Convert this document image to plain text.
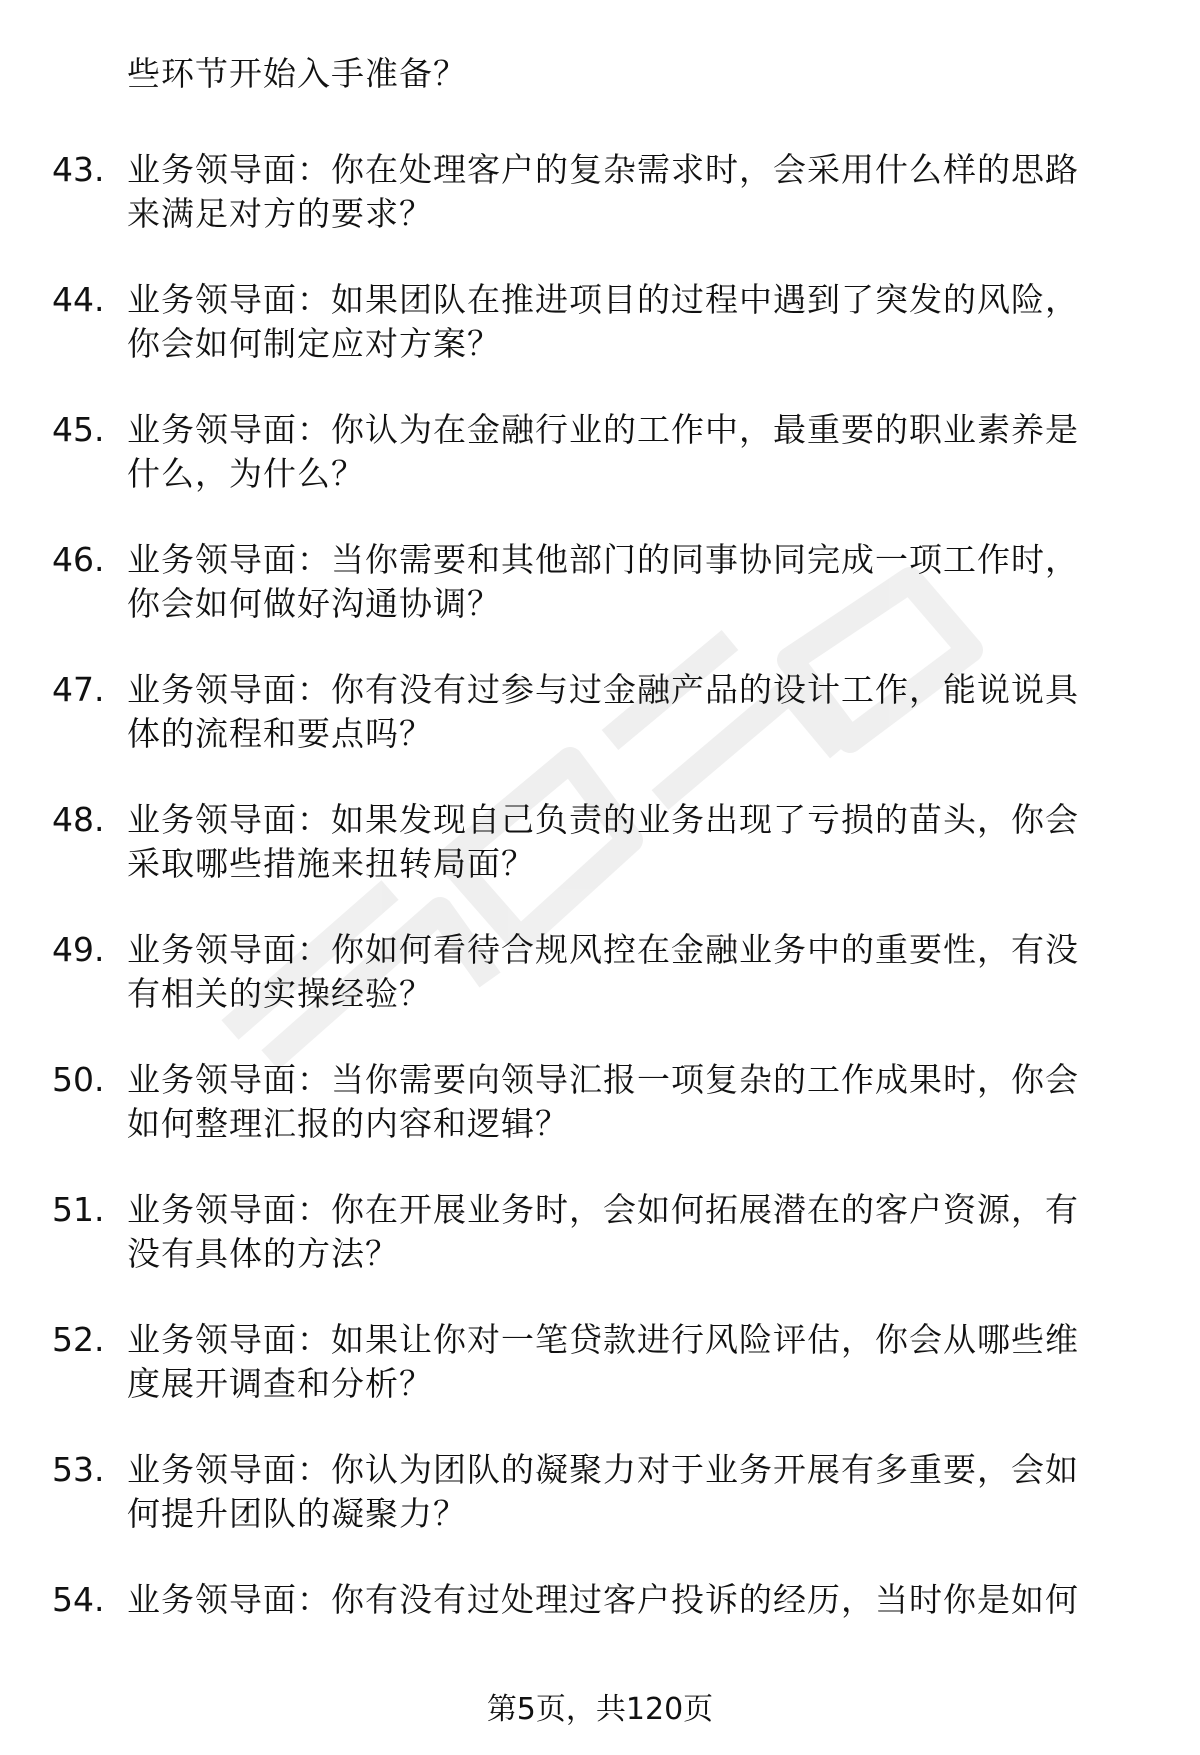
些环节开始入手准备？
43. 业务领导面：你在处理客户的复杂需求时，会采用什么样的思路
来满足对方的要求？
44. 业务领导面：如果团队在推进项目的过程中遇到了突发的风险，
你会如何制定应对方案？
45. 业务领导面：你认为在金融行业的工作中，最重要的职业素养是
什么，为什么？
46. 业务领导面：当你需要和其他部门的同事协同完成一项工作时，
你会如何做好沟通协调？
47. 业务领导面：你有没有过参与过金融产品的设计工作，能说说具
体的流程和要点吗？
48. 业务领导面：如果发现自己负责的业务出现了亏损的苗头，你会
采取哪些措施来扭转局面？
49. 业务领导面：你如何看待合规风控在金融业务中的重要性，有没
有相关的实操经验？
50. 业务领导面：当你需要向领导汇报一项复杂的工作成果时，你会
如何整理汇报的内容和逻辑？
51. 业务领导面：你在开展业务时，会如何拓展潜在的客户资源，有
没有具体的方法？
52. 业务领导面：如果让你对一笔贷款进行风险评估，你会从哪些维
度展开调查和分析？
53. 业务领导面：你认为团队的凝聚力对于业务开展有多重要，会如
何提升团队的凝聚力？
54. 业务领导面：你有没有过处理过客户投诉的经历，当时你是如何
第5页，共120页
